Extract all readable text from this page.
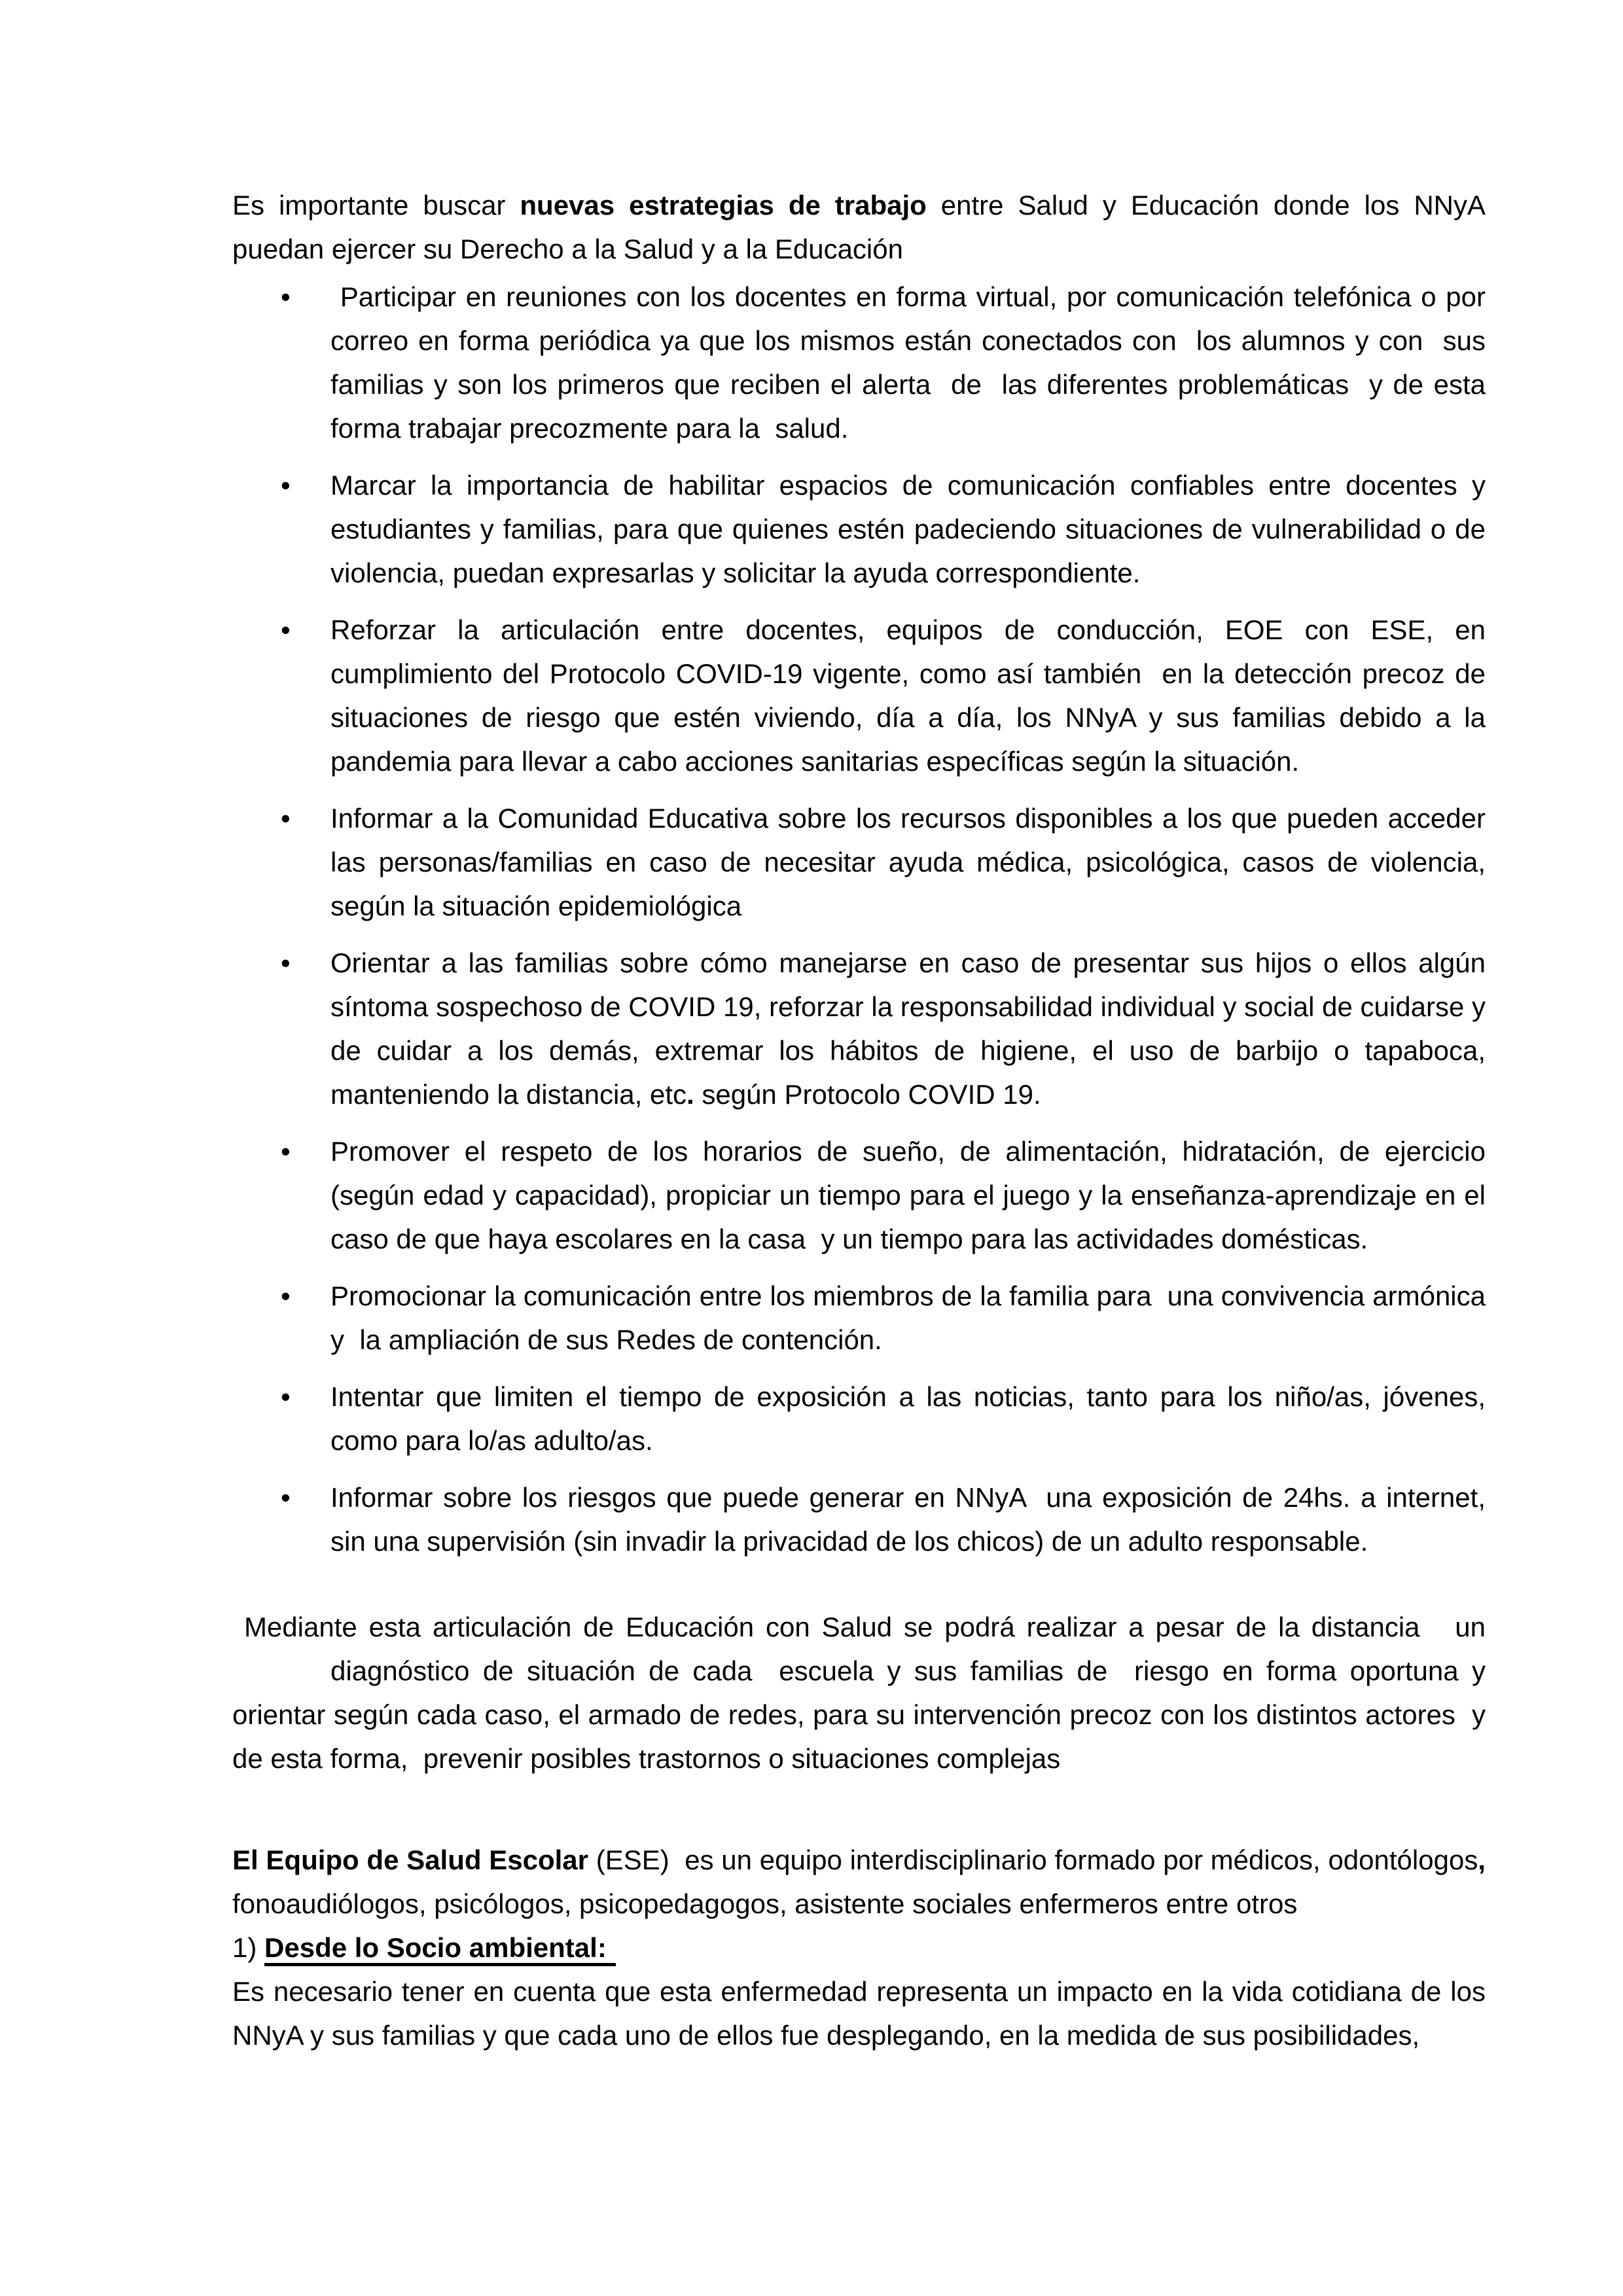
Es importante buscar nuevas estrategias de trabajo entre Salud y Educación donde los NNyA puedan ejercer su Derecho a la Salud y a la Educación

• Participar en reuniones con los docentes en forma virtual, por comunicación telefónica o por correo en forma periódica ya que los mismos están conectados con  los alumnos y con  sus familias y son los primeros que reciben el alerta  de  las diferentes problemáticas  y de esta forma trabajar precozmente para la  salud.
• Marcar la importancia de habilitar espacios de comunicación confiables entre docentes y estudiantes y familias, para que quienes estén padeciendo situaciones de vulnerabilidad o de violencia, puedan expresarlas y solicitar la ayuda correspondiente.
• Reforzar la articulación entre docentes, equipos de conducción, EOE con ESE, en cumplimiento del Protocolo COVID-19 vigente, como así también  en la detección precoz de situaciones de riesgo que estén viviendo, día a día, los NNyA y sus familias debido a la pandemia para llevar a cabo acciones sanitarias específicas según la situación.
• Informar a la Comunidad Educativa sobre los recursos disponibles a los que pueden acceder las personas/familias en caso de necesitar ayuda médica, psicológica, casos de violencia, según la situación epidemiológica
• Orientar a las familias sobre cómo manejarse en caso de presentar sus hijos o ellos algún síntoma sospechoso de COVID 19, reforzar la responsabilidad individual y social de cuidarse y de cuidar a los demás, extremar los hábitos de higiene, el uso de barbijo o tapaboca, manteniendo la distancia, etc. según Protocolo COVID 19.
• Promover el respeto de los horarios de sueño, de alimentación, hidratación, de ejercicio (según edad y capacidad), propiciar un tiempo para el juego y la enseñanza-aprendizaje en el caso de que haya escolares en la casa  y un tiempo para las actividades domésticas.
• Promocionar la comunicación entre los miembros de la familia para  una convivencia armónica y  la ampliación de sus Redes de contención.
• Intentar que limiten el tiempo de exposición a las noticias, tanto para los niño/as, jóvenes, como para lo/as adulto/as.
• Informar sobre los riesgos que puede generar en NNyA  una exposición de 24hs. a internet, sin una supervisión (sin invadir la privacidad de los chicos) de un adulto responsable.
Mediante esta articulación de Educación con Salud se podrá realizar a pesar de la distancia   un
diagnóstico de situación de cada  escuela y sus familias de  riesgo en forma oportuna y
orientar según cada caso, el armado de redes, para su intervención precoz con los distintos actores  y
de esta forma,  prevenir posibles trastornos o situaciones complejas

El Equipo de Salud Escolar (ESE)  es un equipo interdisciplinario formado por médicos, odontólogos, fonoaudiólogos, psicólogos, psicopedagogos, asistente sociales enfermeros entre otros

1) Desde lo Socio ambiental:

Es necesario tener en cuenta que esta enfermedad representa un impacto en la vida cotidiana de los NNyA y sus familias y que cada uno de ellos fue desplegando, en la medida de sus posibilidades,
